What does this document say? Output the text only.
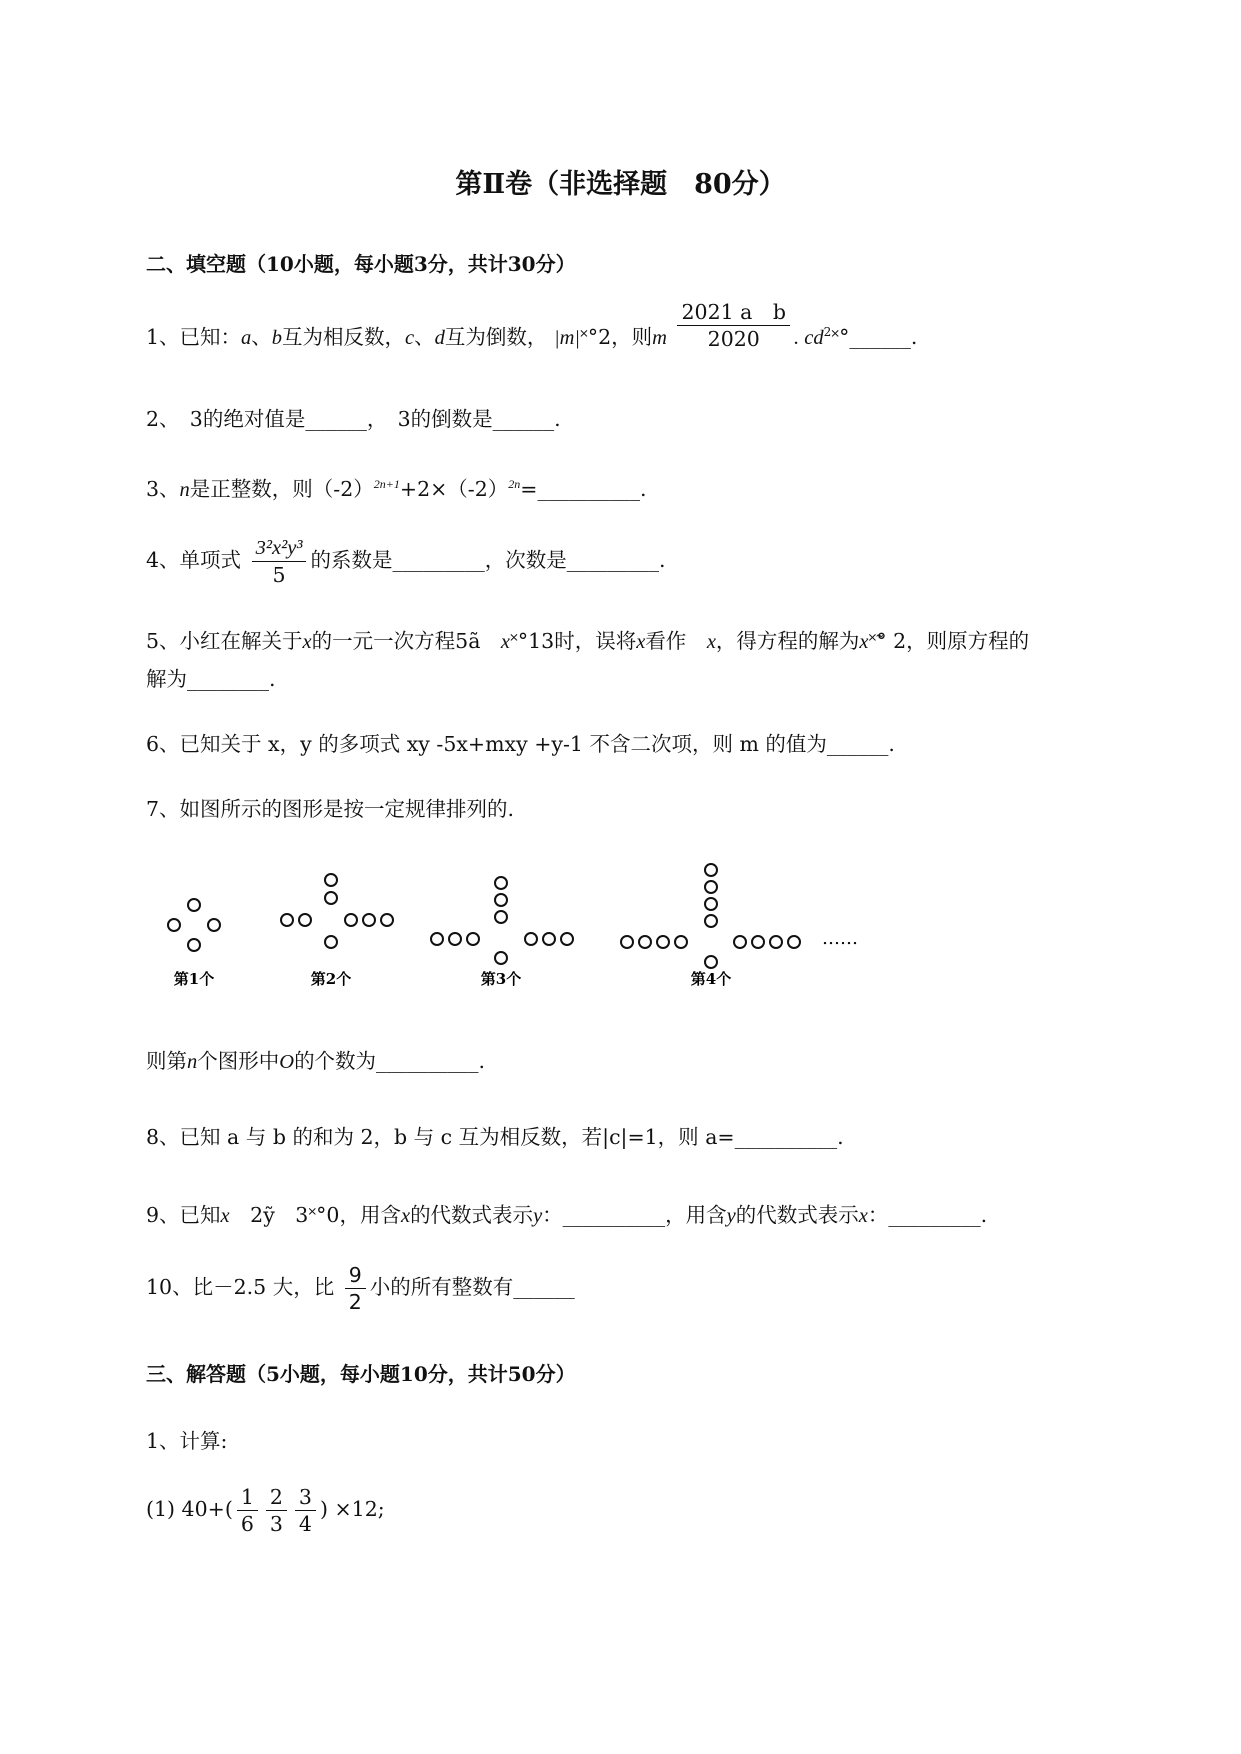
第Ⅱ卷（非选择题　80分）
二、填空题（10小题，每小题3分，共计30分）
1、已知：a、b互为相反数，c、d互为倒数， |m|˟°2，则m $\frac{\text{2021 a　b}}{2020}$ . $cd^2˟^\circ\_\_\_\_\_\_$.
2、　3的绝对值是______，　3的倒数是______.
3、n是正整数，则$(-2)^{2n+1}+2\times(-2)^{2n}=\_\_\_\_\_\_\_\_\_\_$.
4、单项式 $\frac{\text{3²x²y³}}{5}$ 的系数是_________，次数是_________.
5、小红在解关于x的一元一次方程5ã　x˟°13时，误将x看作　x，得方程的解为x˟̃° 2，则原方程的
解为________.
6、已知关于 x，y 的多项式 xy -5x+mxy +y-1 不含二次项，则 m 的值为______.
7、如图所示的图形是按一定规律排列的.
……
第1个	第2个	第3个	第4个
则第n个图形中O的个数为__________.
8、已知 a 与 b 的和为 2，b 与 c 互为相反数，若|c|=1，则 a=__________.
9、已知x　2ỹ　3˟°0，用含x的代数式表示y：__________，用含y的代数式表示x：_________.
10、比－2.5 大，比 $\frac{9}{2}$ 小的所有整数有______
三、解答题（5小题，每小题10分，共计50分）
1、计算:
(1) $40+( \frac{1}{6} \frac{2}{3} \frac{3}{4}$ ) ×12;
